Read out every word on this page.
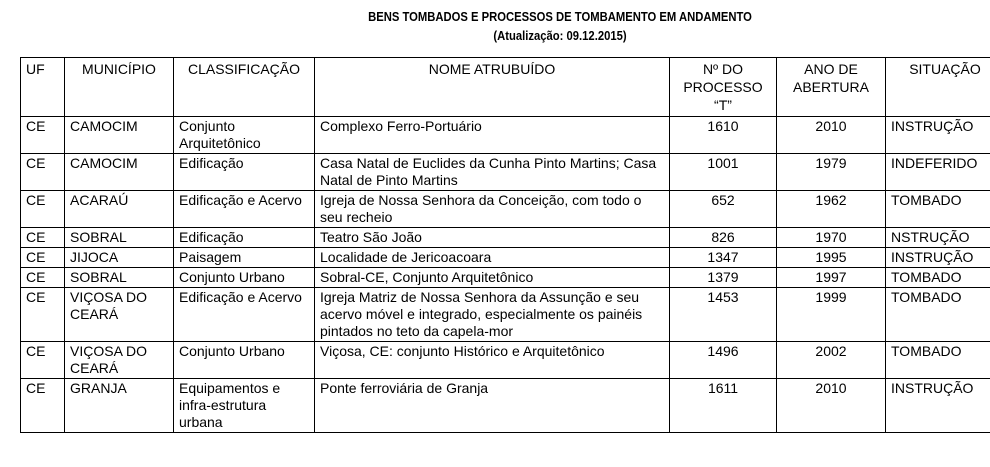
BENS TOMBADOS E PROCESSOS DE TOMBAMENTO EM ANDAMENTO
(Atualização: 09.12.2015)
UF	MUNICÍPIO	CLASSIFICAÇÃO	NOME ATRUBUÍDO	Nº DO PROCESSO “T”	ANO DE ABERTURA	SITUAÇÃO
CE	CAMOCIM	Conjunto Arquitetônico	Complexo Ferro-Portuário	1610	2010	INSTRUÇÃO
CE	CAMOCIM	Edificação	Casa Natal de Euclides da Cunha Pinto Martins; Casa Natal de Pinto Martins	1001	1979	INDEFERIDO
CE	ACARAÚ	Edificação e Acervo	Igreja de Nossa Senhora da Conceição, com todo o seu recheio	652	1962	TOMBADO
CE	SOBRAL	Edificação	Teatro São João	826	1970	NSTRUÇÃO
CE	JIJOCA	Paisagem	Localidade de Jericoacoara	1347	1995	INSTRUÇÃO
CE	SOBRAL	Conjunto Urbano	Sobral-CE, Conjunto Arquitetônico	1379	1997	TOMBADO
CE	VIÇOSA DO CEARÁ	Edificação e Acervo	Igreja Matriz de Nossa Senhora da Assunção e seu acervo móvel e integrado, especialmente os painéis pintados no teto da capela-mor	1453	1999	TOMBADO
CE	VIÇOSA DO CEARÁ	Conjunto Urbano	Viçosa, CE: conjunto Histórico e Arquitetônico	1496	2002	TOMBADO
CE	GRANJA	Equipamentos e infra-estrutura urbana	Ponte ferroviária de Granja	1611	2010	INSTRUÇÃO
